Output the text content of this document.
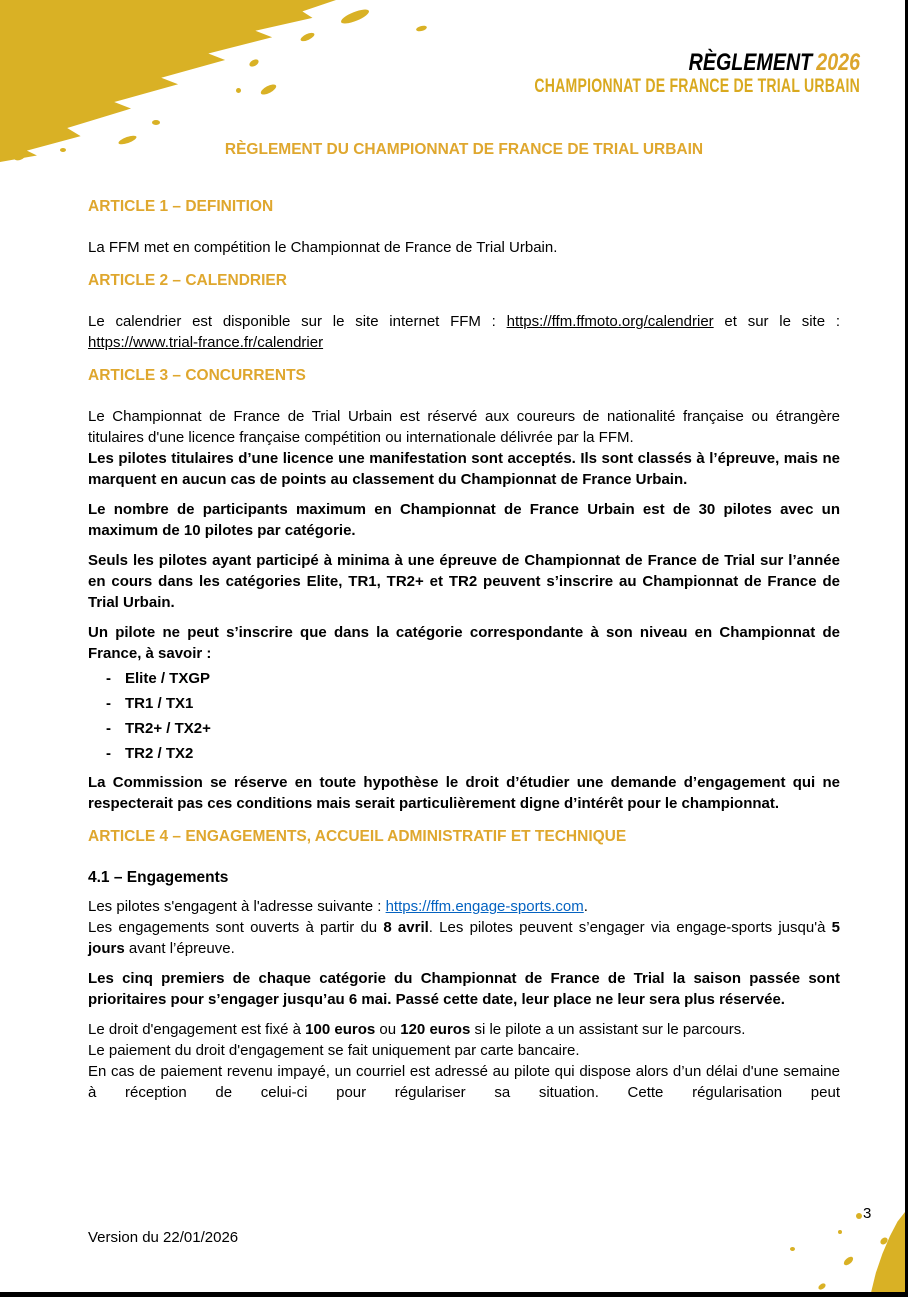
RÈGLEMENT 2026
CHAMPIONNAT DE FRANCE DE TRIAL URBAIN
RÈGLEMENT DU CHAMPIONNAT DE FRANCE DE TRIAL URBAIN
ARTICLE 1 – DEFINITION

La FFM met en compétition le Championnat de France de Trial Urbain.

ARTICLE 2 – CALENDRIER

Le calendrier est disponible sur le site internet FFM : https://ffm.ffmoto.org/calendrier et sur le site : https://www.trial-france.fr/calendrier

ARTICLE 3 – CONCURRENTS

Le Championnat de France de Trial Urbain est réservé aux coureurs de nationalité française ou étrangère titulaires d'une licence française compétition ou internationale délivrée par la FFM.

Les pilotes titulaires d’une licence une manifestation sont acceptés. Ils sont classés à l’épreuve, mais ne marquent en aucun cas de points au classement du Championnat de France Urbain.

Le nombre de participants maximum en Championnat de France Urbain est de 30 pilotes avec un maximum de 10 pilotes par catégorie.

Seuls les pilotes ayant participé à minima à une épreuve de Championnat de France de Trial sur l’année en cours dans les catégories Elite, TR1, TR2+ et TR2 peuvent s’inscrire au Championnat de France de Trial Urbain.

Un pilote ne peut s’inscrire que dans la catégorie correspondante à son niveau en Championnat de France, à savoir :

- Elite / TXGP
- TR1 / TX1
- TR2+ / TX2+
- TR2 / TX2

La Commission se réserve en toute hypothèse le droit d’étudier une demande d’engagement qui ne respecterait pas ces conditions mais serait particulièrement digne d’intérêt pour le championnat.

ARTICLE 4 – ENGAGEMENTS, ACCUEIL ADMINISTRATIF ET TECHNIQUE
4.1 – Engagements

Les pilotes s'engagent à l'adresse suivante : https://ffm.engage-sports.com.
Les engagements sont ouverts à partir du 8 avril. Les pilotes peuvent s’engager via engage-sports jusqu'à 5 jours avant l’épreuve.

Les cinq premiers de chaque catégorie du Championnat de France de Trial la saison passée sont prioritaires pour s’engager jusqu’au 6 mai. Passé cette date, leur place ne leur sera plus réservée.

Le droit d'engagement est fixé à 100 euros ou 120 euros si le pilote a un assistant sur le parcours.

Le paiement du droit d'engagement se fait uniquement par carte bancaire.

En cas de paiement revenu impayé, un courriel est adressé au pilote qui dispose alors d’un délai d'une semaine à réception de celui-ci pour régulariser sa situation. Cette régularisation peut

Version du 22/01/2026
3
